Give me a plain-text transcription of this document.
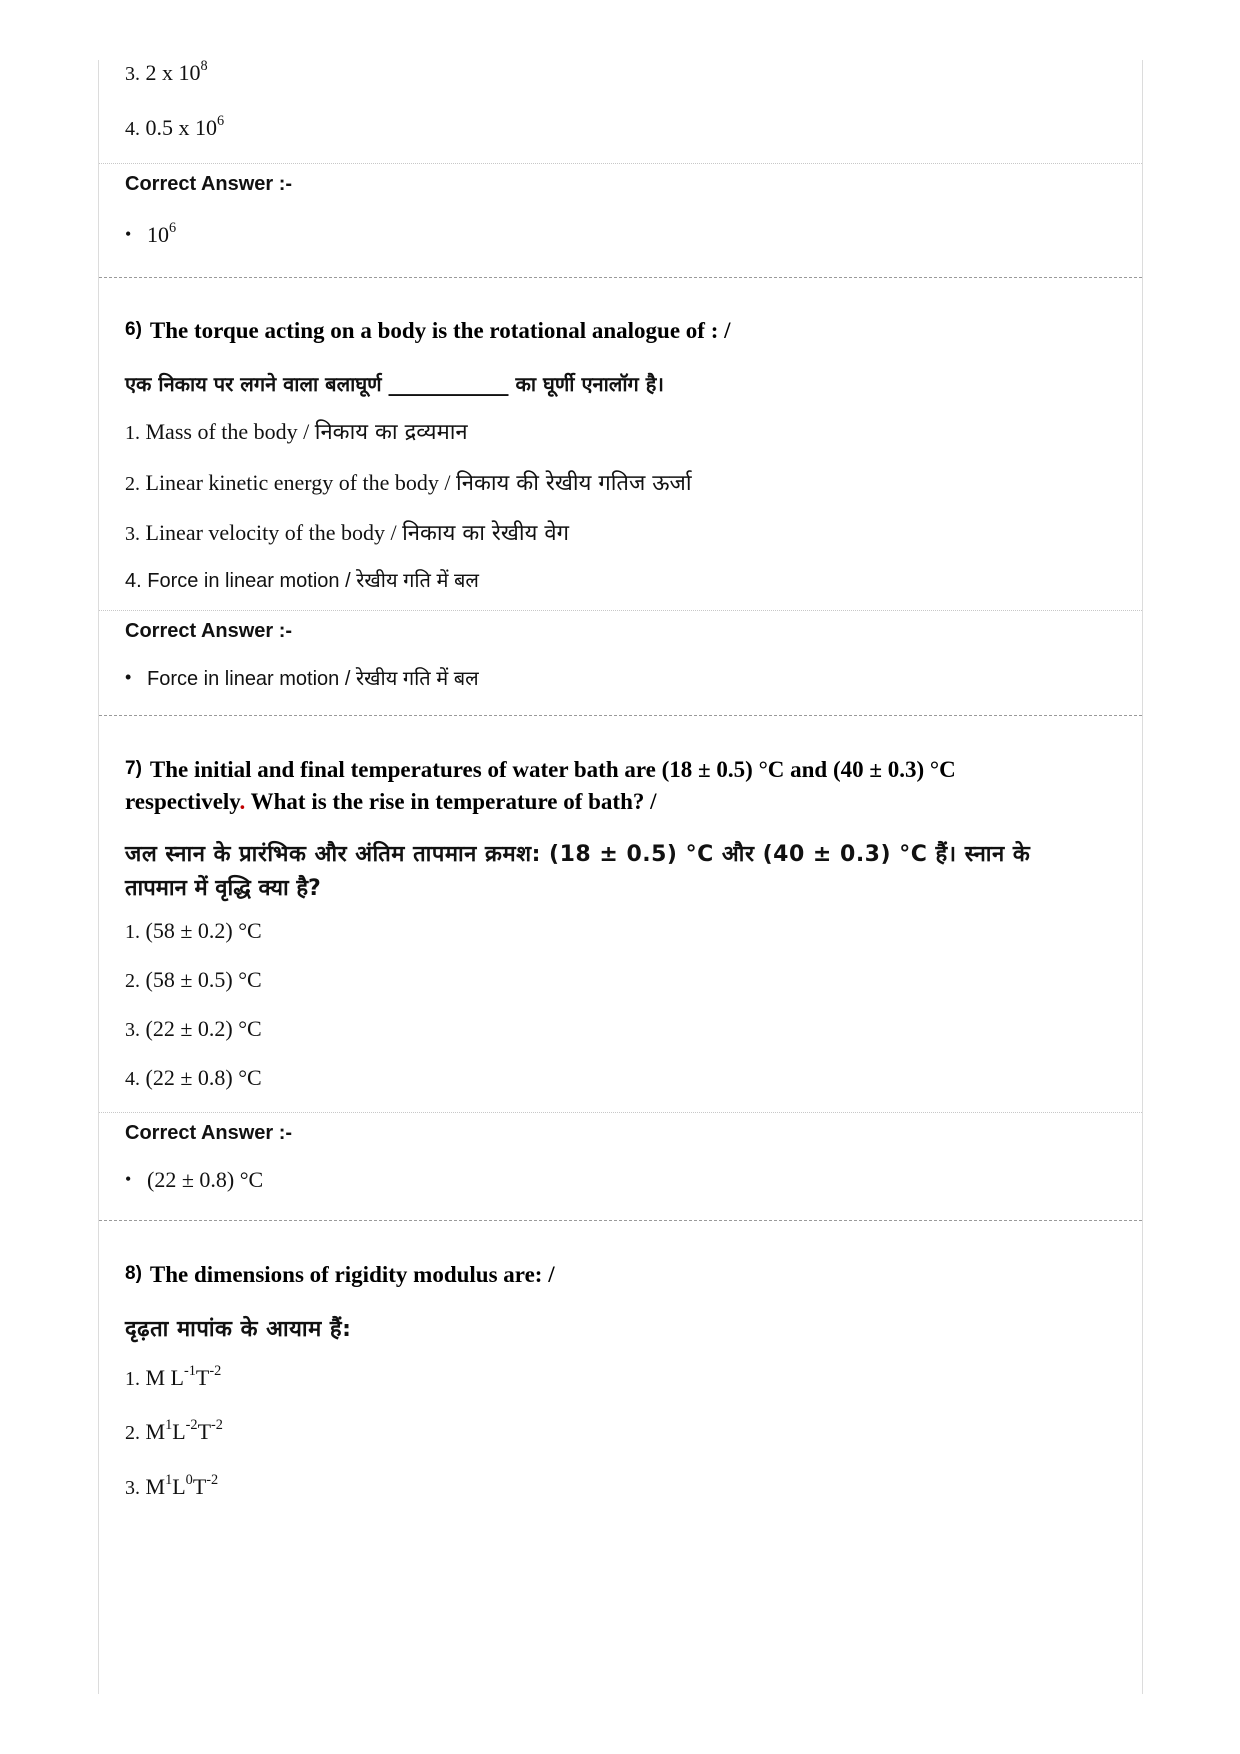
3. 2 x $10^8$
4. 0.5 x $10^6$
Correct Answer :-
• $10^6$
6) The torque acting on a body is the rotational analogue of : /
एक निकाय पर लगने वाला बलाघूर्ण ____________ का घूर्णी एनालॉग है।
1. Mass of the body / निकाय का द्रव्यमान
2. Linear kinetic energy of the body / निकाय की रेखीय गतिज ऊर्जा
3. Linear velocity of the body / निकाय का रेखीय वेग
4. Force in linear motion / रेखीय गति में बल
Correct Answer :-
• Force in linear motion / रेखीय गति में बल
7) The initial and final temperatures of water bath are (18 ± 0.5) °C and (40 ± 0.3) °C
respectively. What is the rise in temperature of bath? /
जल स्नान के प्रारंभिक और अंतिम तापमान क्रमश: (18 ± 0.5) °C और (40 ± 0.3) °C हैं। स्नान के
तापमान में वृद्धि क्या है?
1. (58 ± 0.2) °C
2. (58 ± 0.5) °C
3. (22 ± 0.2) °C
4. (22 ± 0.8) °C
Correct Answer :-
• (22 ± 0.8) °C
8) The dimensions of rigidity modulus are: /
दृढ़ता मापांक के आयाम हैं:
1. M $L^{-1}T^{-2}$
2. $M^1L^{-2}T^{-2}$
3. $M^1L^0T^{-2}$
